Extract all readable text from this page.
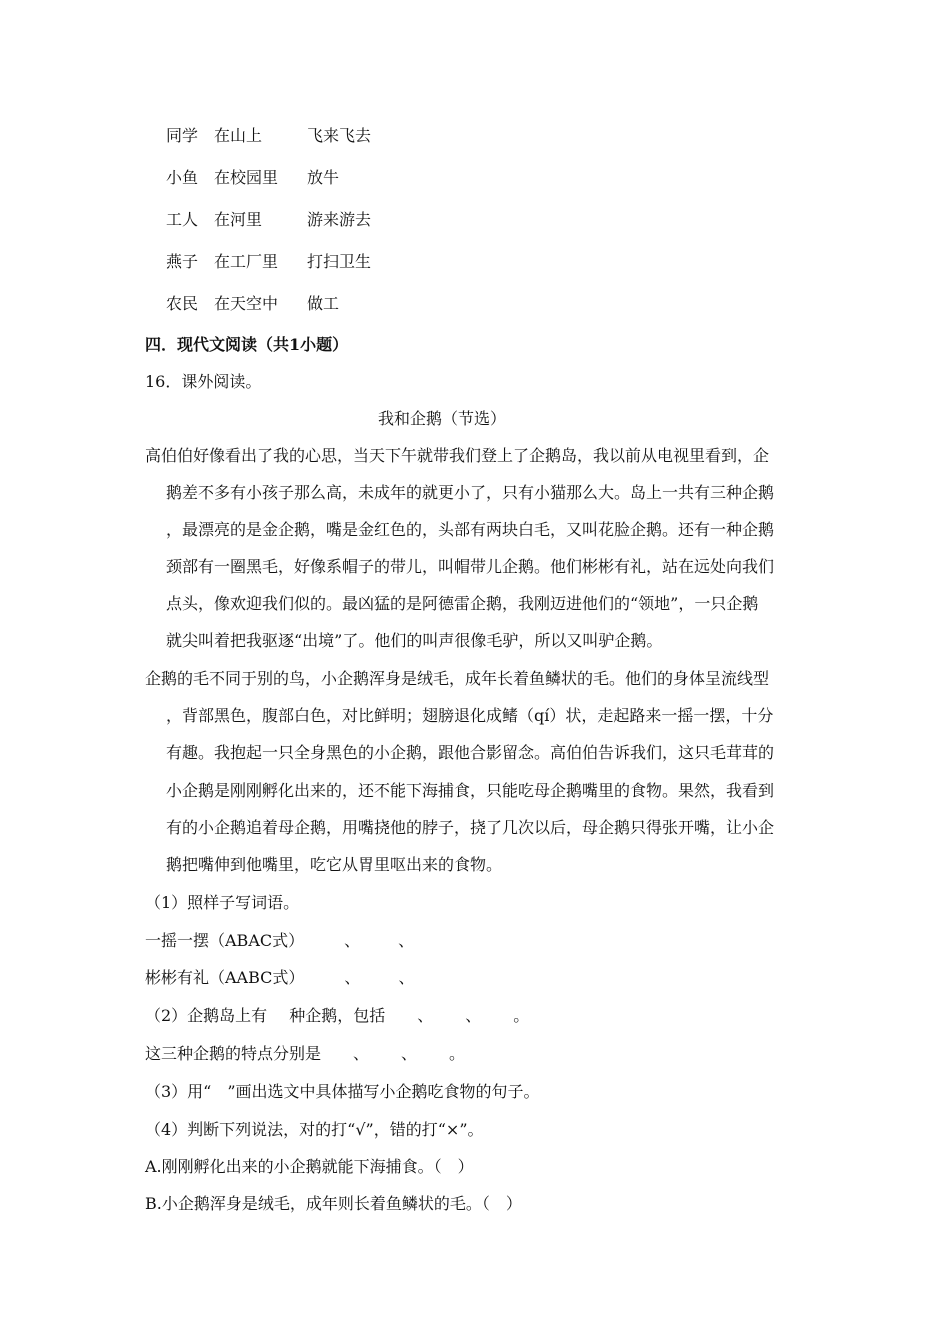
同学 在山上	飞来飞去
小鱼 在校园里 放牛
工人 在河里	游来游去
燕子 在工厂里 打扫卫生
农民 在天空中 做工
四．现代文阅读（共1小题）
16．课外阅读。
我和企鹅（节选）
高伯伯好像看出了我的心思，当天下午就带我们登上了企鹅岛，我以前从电视里看到，企
鹅差不多有小孩子那么高，未成年的就更小了，只有小猫那么大。岛上一共有三种企鹅
，最漂亮的是金企鹅，嘴是金红色的，头部有两块白毛，又叫花脸企鹅。还有一种企鹅
颈部有一圈黑毛，好像系帽子的带儿，叫帽带儿企鹅。他们彬彬有礼，站在远处向我们
点头，像欢迎我们似的。最凶猛的是阿德雷企鹅，我刚迈进他们的“领地”，一只企鹅
就尖叫着把我驱逐“出境”了。他们的叫声很像毛驴，所以又叫驴企鹅。
企鹅的毛不同于别的鸟，小企鹅浑身是绒毛，成年长着鱼鳞状的毛。他们的身体呈流线型
，背部黑色，腹部白色，对比鲜明；翅膀退化成鳍（qí）状，走起路来一摇一摆，十分
有趣。我抱起一只全身黑色的小企鹅，跟他合影留念。高伯伯告诉我们，这只毛茸茸的
小企鹅是刚刚孵化出来的，还不能下海捕食，只能吃母企鹅嘴里的食物。果然，我看到
有的小企鹅追着母企鹅，用嘴挠他的脖子，挠了几次以后，母企鹅只得张开嘴，让小企
鹅把嘴伸到他嘴里，吃它从胃里呕出来的食物。
（1）照样子写词语。
一摇一摆（ABAC式）	、 、
彬彬有礼（AABC式）	、 、
（2）企鹅岛上有 种企鹅，包括 、 、 。
这三种企鹅的特点分别是 、 、 。
（3）用“　”画出选文中具体描写小企鹅吃食物的句子。
（4）判断下列说法，对的打“√”，错的打“×”。
A.刚刚孵化出来的小企鹅就能下海捕食。（　）
B.小企鹅浑身是绒毛，成年则长着鱼鳞状的毛。（　）
